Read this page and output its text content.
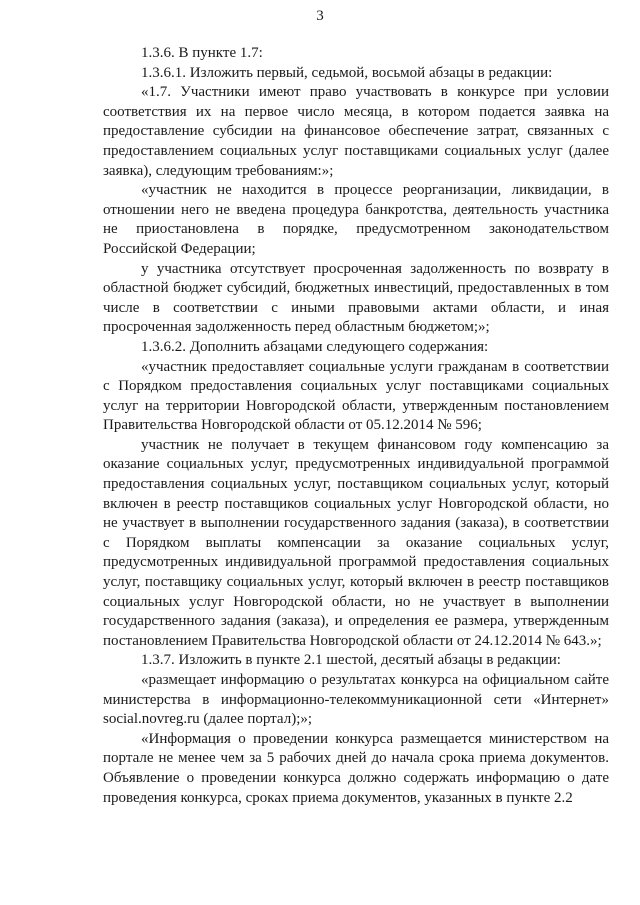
3

1.3.6. В пункте 1.7:

1.3.6.1. Изложить первый, седьмой, восьмой абзацы в редакции:

«1.7. Участники имеют право участвовать в конкурсе при условии соответствия их на первое число месяца, в котором подается заявка на предоставление субсидии на финансовое обеспечение затрат, связанных с предоставлением социальных услуг поставщиками социальных услуг (далее заявка), следующим требованиям:»;

«участник не находится в процессе реорганизации, ликвидации, в отношении него не введена процедура банкротства, деятельность участника не приостановлена в порядке, предусмотренном законодательством Российской Федерации;

у участника отсутствует просроченная задолженность по возврату в областной бюджет субсидий, бюджетных инвестиций, предоставленных в том числе в соответствии с иными правовыми актами области, и иная просроченная задолженность перед областным бюджетом;»;

1.3.6.2. Дополнить абзацами следующего содержания:

«участник предоставляет социальные услуги гражданам в соответствии с Порядком предоставления социальных услуг поставщиками социальных услуг на территории Новгородской области, утвержденным постановлением Правительства Новгородской области от 05.12.2014 № 596;

участник не получает в текущем финансовом году компенсацию за оказание социальных услуг, предусмотренных индивидуальной программой предоставления социальных услуг, поставщиком социальных услуг, который включен в реестр поставщиков социальных услуг Новгородской области, но не участвует в выполнении государственного задания (заказа), в соответствии с Порядком выплаты компенсации за оказание социальных услуг, предусмотренных индивидуальной программой предоставления социальных услуг, поставщику социальных услуг, который включен в реестр поставщиков социальных услуг Новгородской области, но не участвует в выполнении государственного задания (заказа), и определения ее размера, утвержденным постановлением Правительства Новгородской области от 24.12.2014 № 643.»;

1.3.7. Изложить в пункте 2.1 шестой, десятый абзацы в редакции:

«размещает информацию о результатах конкурса на официальном сайте министерства в информационно-телекоммуникационной сети «Интернет» social.novreg.ru (далее портал);»;

«Информация о проведении конкурса размещается министерством на портале не менее чем за 5 рабочих дней до начала срока приема документов. Объявление о проведении конкурса должно содержать информацию о дате проведения конкурса, сроках приема документов, указанных в пункте 2.2
